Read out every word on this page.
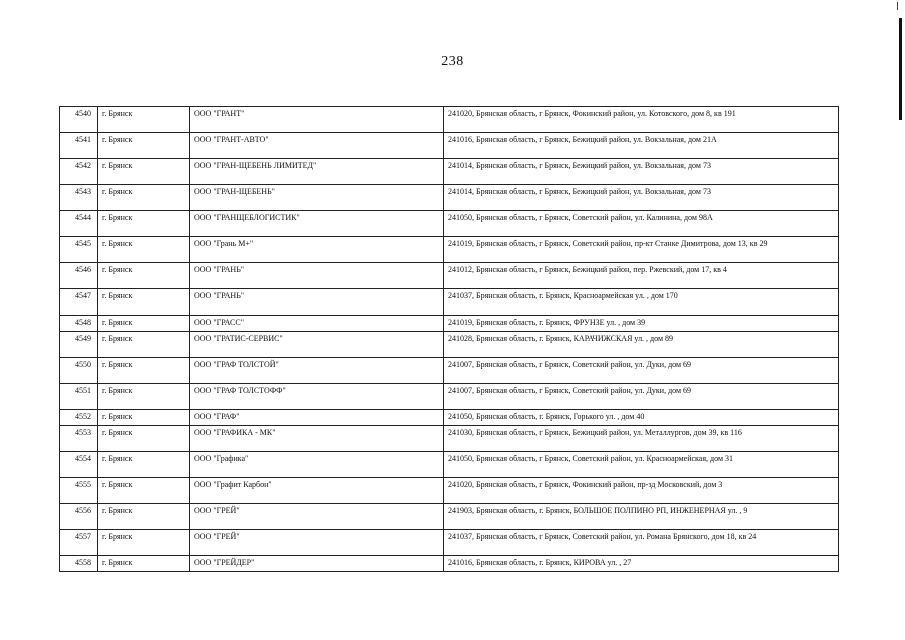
238
4540	г. Брянск	ООО "ГРАНТ"	241020, Брянская область, г Брянск, Фокинский район, ул. Котовского, дом 8, кв 191
4541	г. Брянск	ООО "ГРАНТ-АВТО"	241016, Брянская область, г Брянск, Бежицкий район, ул. Вокзальная, дом 21А
4542	г. Брянск	ООО "ГРАН-ЩЕБЕНЬ ЛИМИТЕД"	241014, Брянская область, г Брянск, Бежицкий район, ул. Вокзальная, дом 73
4543	г. Брянск	ООО "ГРАН-ЩЕБЕНЬ"	241014, Брянская область, г Брянск, Бежицкий район, ул. Вокзальная, дом 73
4544	г. Брянск	ООО "ГРАНЩЕБЛОГИСТИК"	241050, Брянская область, г Брянск, Советский район, ул. Калинина, дом 98А
4545	г. Брянск	ООО "Грань М+"	241019, Брянская область, г Брянск, Советский район, пр-кт Станке Димитрова, дом 13, кв 29
4546	г. Брянск	ООО "ГРАНЬ"	241012, Брянская область, г Брянск, Бежицкий район, пер. Ржевский, дом 17, кв 4
4547	г. Брянск	ООО "ГРАНЬ"	241037, Брянская область, г. Брянск, Красноармейская ул. , дом 170
4548	г. Брянск	ООО "ГРАСС"	241019, Брянская область, г. Брянск, ФРУНЗЕ ул. , дом 39
4549	г. Брянск	ООО "ГРАТИС-СЕРВИС"	241028, Брянская область, г. Брянск, КАРАЧИЖСКАЯ ул. , дом 89
4550	г. Брянск	ООО "ГРАФ ТОЛСТОЙ"	241007, Брянская область, г Брянск, Советский район, ул. Дуки, дом 69
4551	г. Брянск	ООО "ГРАФ ТОЛСТОФФ"	241007, Брянская область, г Брянск, Советский район, ул. Дуки, дом 69
4552	г. Брянск	ООО "ГРАФ"	241050, Брянская область, г. Брянск, Горького ул. , дом 40
4553	г. Брянск	ООО "ГРАФИКА - МК"	241030, Брянская область, г Брянск, Бежицкий район, ул. Металлургов, дом 39, кв 116
4554	г. Брянск	ООО "Графика"	241050, Брянская область, г Брянск, Советский район, ул. Красноармейская, дом 31
4555	г. Брянск	ООО "Графит Карбон"	241020, Брянская область, г Брянск, Фокинский район, пр-зд Московский, дом 3
4556	г. Брянск	ООО "ГРЕЙ"	241903, Брянская область, г. Брянск, БОЛЬШОЕ ПОЛПИНО РП, ИНЖЕНЕРНАЯ ул. , 9
4557	г. Брянск	ООО "ГРЕЙ"	241037, Брянская область, г Брянск, Советский район, ул. Романа Брянского, дом 18, кв 24
4558	г. Брянск	ООО "ГРЕЙДЕР"	241016, Брянская область, г. Брянск, КИРОВА ул. , 27
